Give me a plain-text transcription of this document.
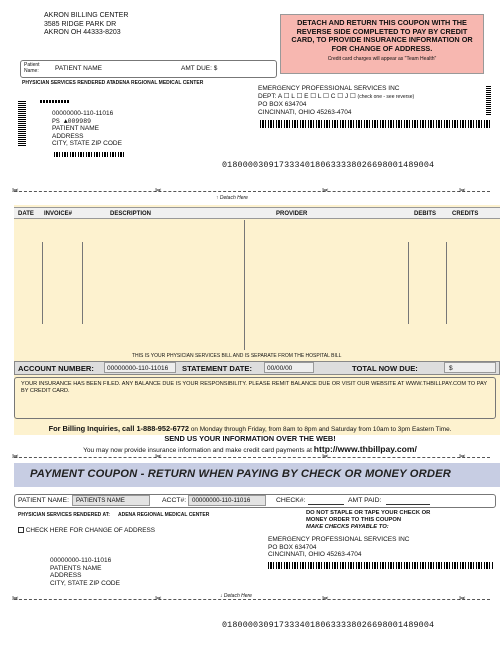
AKRON BILLING CENTER
3585 RIDGE PARK DR
AKRON OH 44333-8203
DETACH AND RETURN THIS COUPON WITH THE REVERSE SIDE COMPLETED TO PAY BY CREDIT CARD, TO PROVIDE INSURANCE INFORMATION OR FOR CHANGE OF ADDRESS.
Credit card charges will appear as "Team Health"
Patient Name:	PATIENT NAME	AMT DUE: $
PHYSICIAN SERVICES RENDERED AT:
ADENA REGIONAL MEDICAL CENTER
00000000-110-11016
PS ▲009989
PATIENT NAME
ADDRESS
CITY, STATE ZIP CODE
EMERGENCY PROFESSIONAL SERVICES INC
DEPT: A ☐ L ☐ E ☐ L ☐ C ☐ J ☐ (check one - see reverse)
PO BOX 634704
CINCINNATI, OHIO 45263-4704
01800003091733340180633338026698001489004
✂	✂	✂	✂
↑ Detach Here
DATE INVOICE#	DESCRIPTION	PROVIDER	DEBITS	CREDITS
THIS IS YOUR PHYSICIAN SERVICES BILL AND IS SEPARATE FROM THE HOSPITAL BILL
ACCOUNT NUMBER:	00000000-110-11016	STATEMENT DATE:	00/00/00	TOTAL NOW DUE:	$
YOUR INSURANCE HAS BEEN FILED. ANY BALANCE DUE IS YOUR RESPONSIBILITY. PLEASE REMIT BALANCE DUE OR VISIT OUR WEBSITE AT WWW.THBILLPAY.COM TO PAY BY CREDIT CARD.
For Billing Inquiries, call 1-888-952-6772 on Monday through Friday, from 8am to 8pm and Saturday from 10am to 3pm Eastern Time.
SEND US YOUR INFORMATION OVER THE WEB!
You may now provide insurance information and make credit card payments at http://www.thbillpay.com/
✂	✂	✂	✂
PAYMENT COUPON - RETURN WHEN PAYING BY CHECK OR MONEY ORDER
PATIENT NAME:	PATIENTS NAME	ACCT#: 00000000-110-11016	CHECK#:	AMT PAID:
PHYSICIAN SERVICES RENDERED AT: ADENA REGIONAL MEDICAL CENTER
CHECK HERE FOR CHANGE OF ADDRESS
DO NOT STAPLE OR TAPE YOUR CHECK OR MONEY ORDER TO THIS COUPON
MAKE CHECKS PAYABLE TO:
EMERGENCY PROFESSIONAL SERVICES INC
PO BOX 634704
CINCINNATI, OHIO 45263-4704
00000000-110-11016
PATIENTS NAME
ADDRESS
CITY, STATE ZIP CODE
↓ Detach Here
✂	✂	✂	✂
01800003091733340180633338026698001489004
